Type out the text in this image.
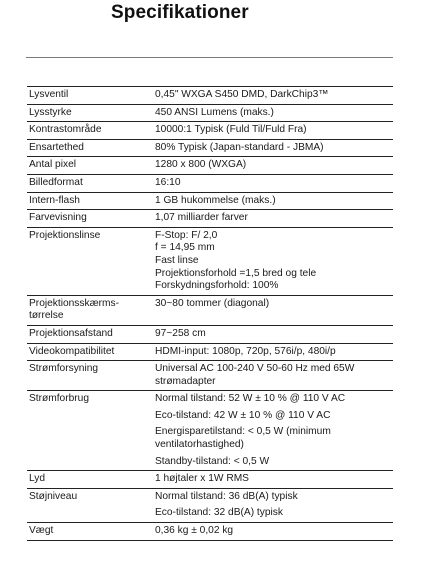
Specifikationer
Lysventil	0,45" WXGA S450 DMD, DarkChip3™
Lysstyrke	450 ANSI Lumens (maks.)
Kontrastområde	10000:1 Typisk (Fuld Til/Fuld Fra)
Ensartethed	80% Typisk (Japan-standard - JBMA)
Antal pixel	1280 x 800 (WXGA)
Billedformat	16:10
Intern-flash	1 GB hukommelse (maks.)
Farvevisning	1,07 milliarder farver
Projektionslinse	F-Stop: F/ 2,0
f = 14,95 mm
Fast linse
Projektionsforhold =1,5 bred og tele
Forskydningsforhold: 100%

Projektionsskærms-
tørrelse	30~80 tommer (diagonal)
Projektionsafstand	97~258 cm
Videokompatibilitet	HDMI-input: 1080p, 720p, 576i/p, 480i/p
Strømforsyning	Universal AC 100-240 V 50-60 Hz med 65W
strømadapter

Strømforbrug	Normal tilstand: 52 W ± 10 % @ 110 V AC
	Eco-tilstand: 42 W ± 10 % @ 110 V AC

	Energisparetilstand: < 0,5 W (minimum
ventilatorhastighed)

	Standby-tilstand: < 0,5 W
Lyd	1 højtaler x 1W RMS
Støjniveau	Normal tilstand: 36 dB(A) typisk
	Eco-tilstand: 32 dB(A) typisk
Vægt	0,36 kg ± 0,02 kg
